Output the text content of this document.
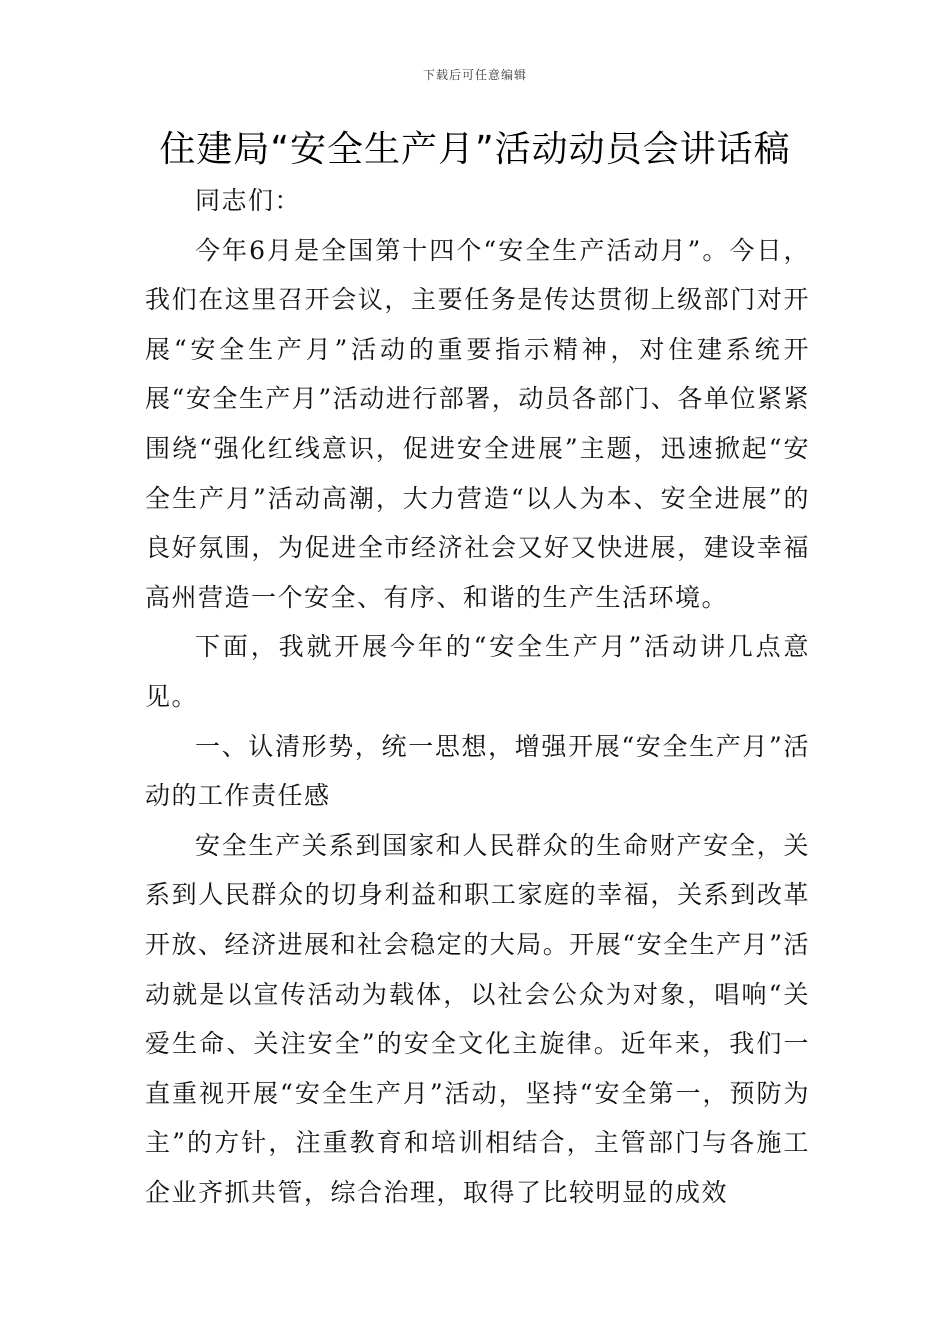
下载后可任意编辑
住建局“安全生产月”活动动员会讲话稿

同志们：

今年6月是全国第十四个“安全生产活动月”。今日，我们在这里召开会议，主要任务是传达贯彻上级部门对开展“安全生产月”活动的重要指示精神，对住建系统开展“安全生产月”活动进行部署，动员各部门、各单位紧紧围绕“强化红线意识，促进安全进展”主题，迅速掀起“安全生产月”活动高潮，大力营造“以人为本、安全进展”的良好氛围，为促进全市经济社会又好又快进展，建设幸福高州营造一个安全、有序、和谐的生产生活环境。

下面，我就开展今年的“安全生产月”活动讲几点意见。

一、认清形势，统一思想，增强开展“安全生产月”活动的工作责任感

安全生产关系到国家和人民群众的生命财产安全，关系到人民群众的切身利益和职工家庭的幸福，关系到改革开放、经济进展和社会稳定的大局。开展“安全生产月”活动就是以宣传活动为载体，以社会公众为对象，唱响“关爱生命、关注安全”的安全文化主旋律。近年来，我们一直重视开展“安全生产月”活动，坚持“安全第一，预防为主”的方针，注重教育和培训相结合，主管部门与各施工企业齐抓共管，综合治理，取得了比较明显的成效
